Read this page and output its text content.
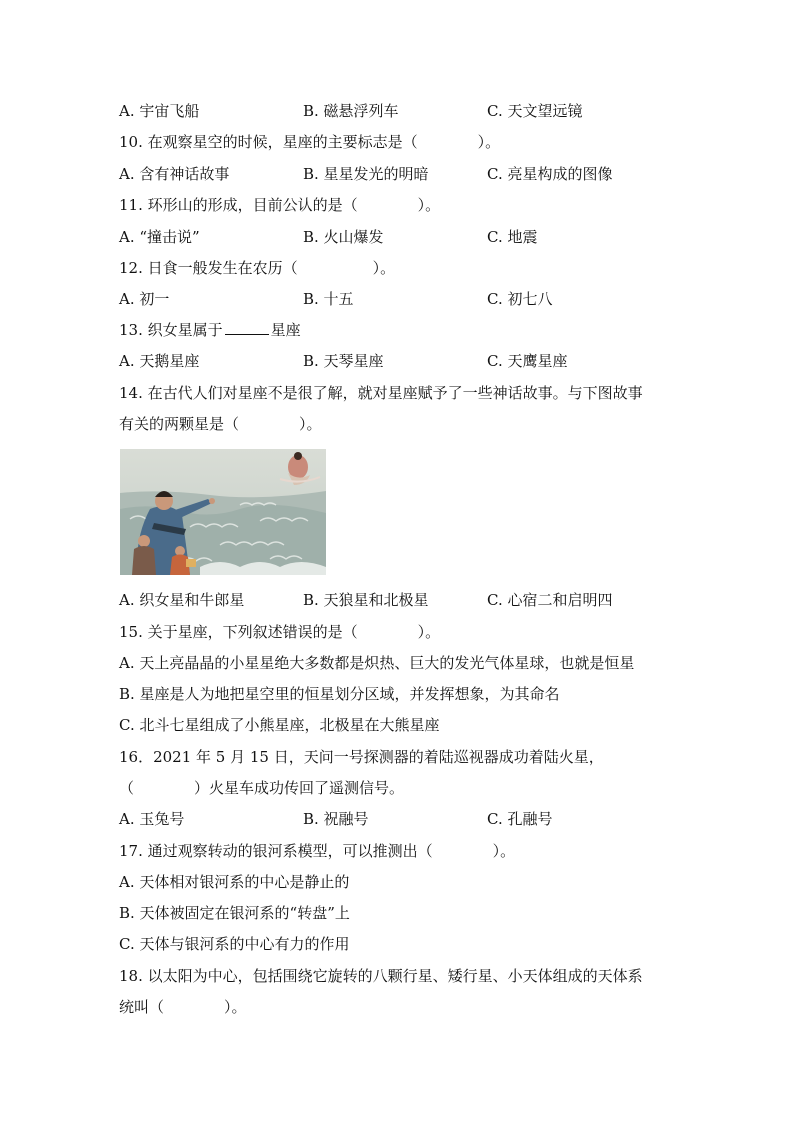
A. 宇宙飞船	B. 磁悬浮列车	C. 天文望远镜
10. 在观察星空的时候，星座的主要标志是（　　　　）。
A. 含有神话故事	B. 星星发光的明暗	C. 亮星构成的图像
11. 环形山的形成，目前公认的是（　　　　）。
A. “撞击说”	B. 火山爆发	C. 地震
12. 日食一般发生在农历（　　　　　）。
A. 初一	B. 十五	C. 初七八
13. 织女星属于	星座
A. 天鹅星座	B. 天琴星座	C. 天鹰星座
14. 在古代人们对星座不是很了解，就对星座赋予了一些神话故事。与下图故事
有关的两颗星是（　　　　）。
A. 织女星和牛郎星	B. 天狼星和北极星	C. 心宿二和启明四
15. 关于星座，下列叙述错误的是（　　　　）。
A. 天上亮晶晶的小星星绝大多数都是炽热、巨大的发光气体星球，也就是恒星
B. 星座是人为地把星空里的恒星划分区域，并发挥想象，为其命名
C. 北斗七星组成了小熊星座，北极星在大熊星座
16．2021 年 5 月 15 日，天问一号探测器的着陆巡视器成功着陆火星，
（　　　　）火星车成功传回了遥测信号。
A. 玉兔号	B. 祝融号	C. 孔融号
17. 通过观察转动的银河系模型，可以推测出（　　　　）。
A. 天体相对银河系的中心是静止的
B. 天体被固定在银河系的“转盘”上
C. 天体与银河系的中心有力的作用
18. 以太阳为中心，包括围绕它旋转的八颗行星、矮行星、小天体组成的天体系
统叫（　　　　）。
